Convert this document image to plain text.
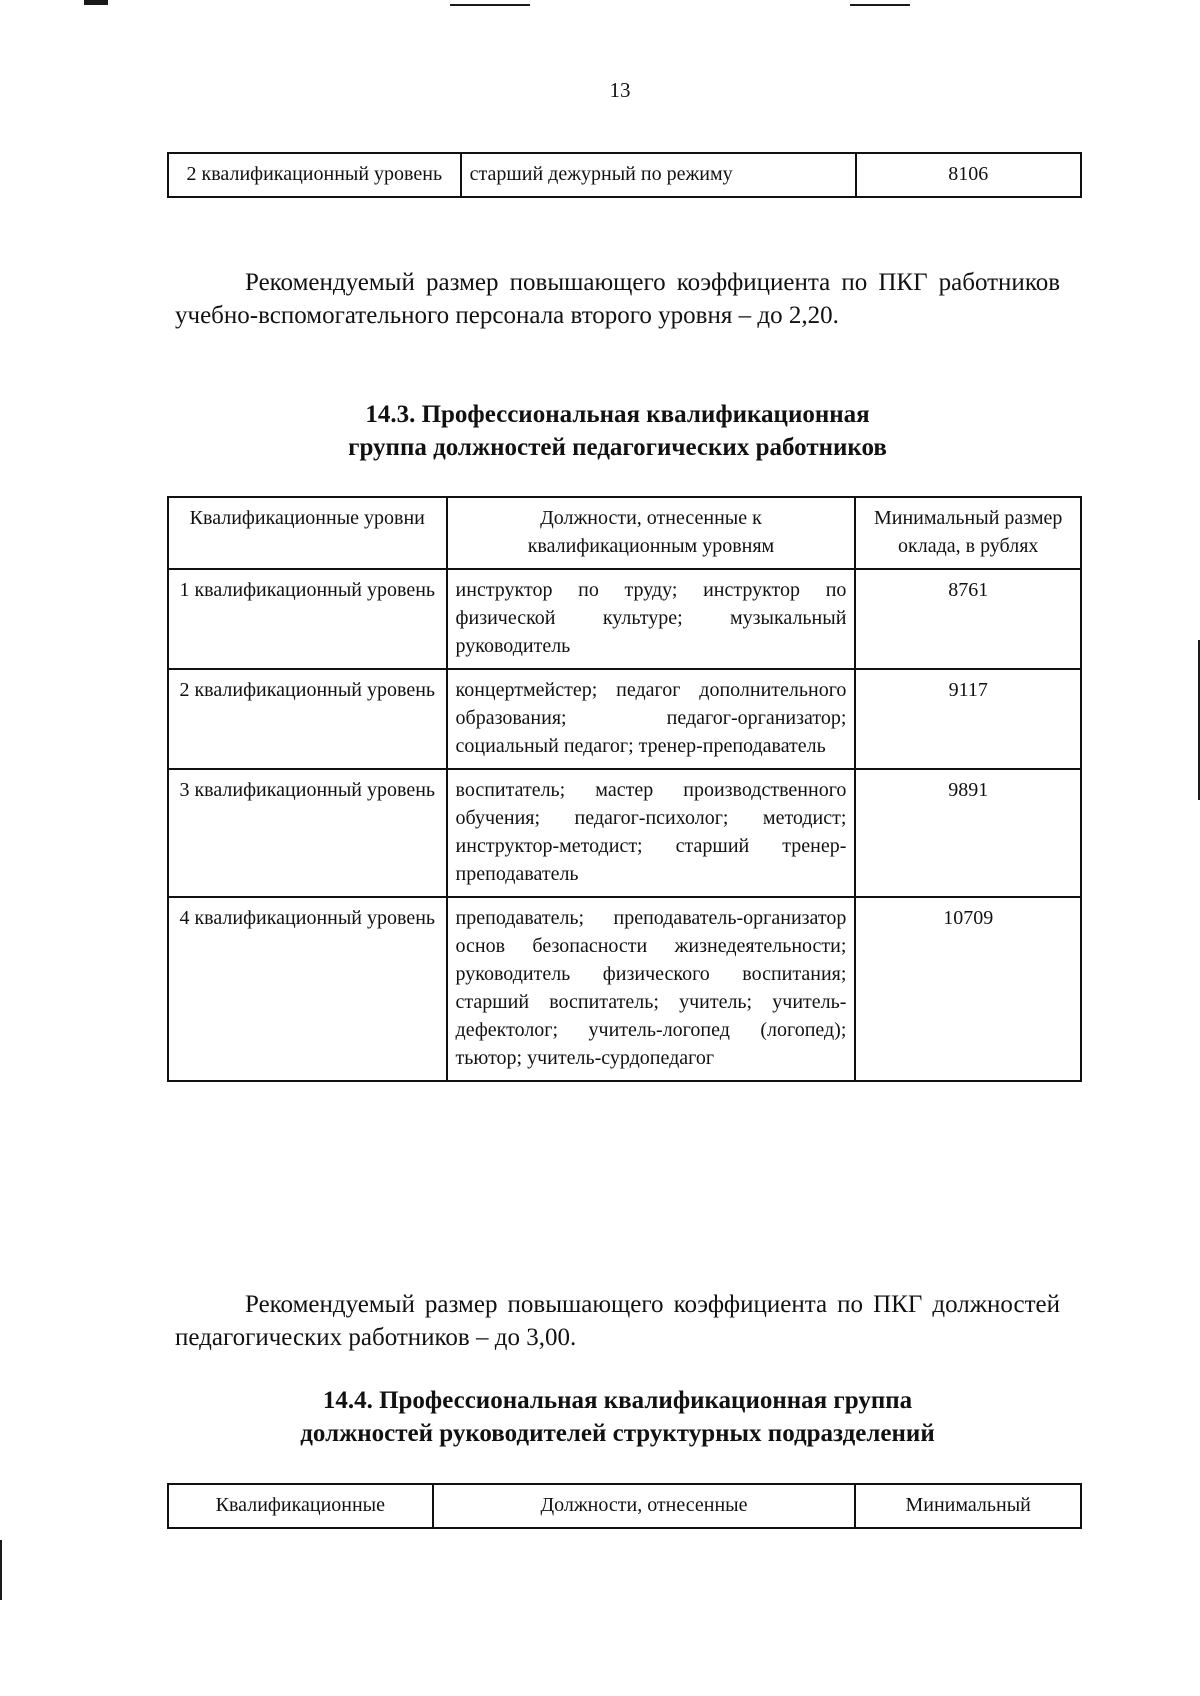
13
2 квалификационный уровень	старший дежурный по режиму	8106

Рекомендуемый размер повышающего коэффициента по ПКГ работников учебно-вспомогательного персонала второго уровня – до 2,20.

14.3. Профессиональная квалификационная
группа должностей педагогических работников
Квалификационные уровни	Должности, отнесенные к квалификационным уровням	Минимальный размер оклада, в рублях
1 квалификационный уровень	инструктор по труду; инструктор по физической культуре; музыкальный руководитель	8761
2 квалификационный уровень	концертмейстер; педагог дополнительного образования; педагог-организатор; социальный педагог; тренер-преподаватель	9117
3 квалификационный уровень	воспитатель; мастер производственного обучения; педагог-психолог; методист; инструктор-методист; старший тренер-преподаватель	9891
4 квалификационный уровень	преподаватель; преподаватель-организатор основ безопасности жизнедеятельности; руководитель физического воспитания; старший воспитатель; учитель; учитель-дефектолог; учитель-логопед (логопед); тьютор; учитель-сурдопедагог	10709

Рекомендуемый размер повышающего коэффициента по ПКГ должностей педагогических работников – до 3,00.

14.4. Профессиональная квалификационная группа
должностей руководителей структурных подразделений
Квалификационные	Должности, отнесенные	Минимальный
